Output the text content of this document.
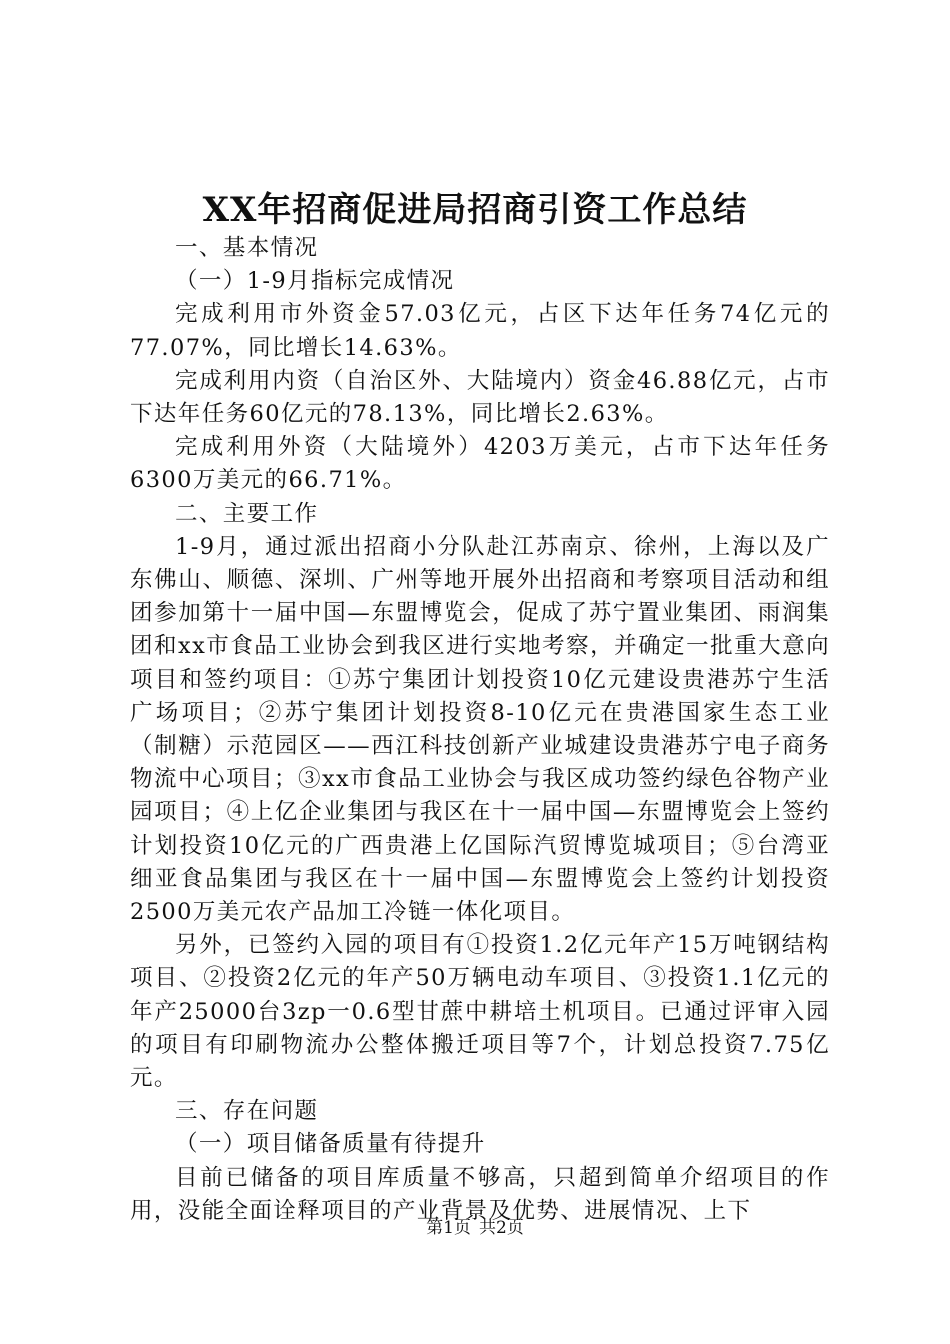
XX年招商促进局招商引资工作总结
一、基本情况
（一）1-9月指标完成情况

完成利用市外资金57.03亿元，占区下达年任务74亿元的77.07%，同比增长14.63%。

完成利用内资（自治区外、大陆境内）资金46.88亿元，占市下达年任务60亿元的78.13%，同比增长2.63%。

完成利用外资（大陆境外）4203万美元，占市下达年任务6300万美元的66.71%。

二、主要工作

1-9月，通过派出招商小分队赴江苏南京、徐州，上海以及广东佛山、顺德、深圳、广州等地开展外出招商和考察项目活动和组团参加第十一届中国—东盟博览会，促成了苏宁置业集团、雨润集团和xx市食品工业协会到我区进行实地考察，并确定一批重大意向项目和签约项目：①苏宁集团计划投资10亿元建设贵港苏宁生活广场项目；②苏宁集团计划投资8-10亿元在贵港国家生态工业（制糖）示范园区——西江科技创新产业城建设贵港苏宁电子商务物流中心项目；③xx市食品工业协会与我区成功签约绿色谷物产业园项目；④上亿企业集团与我区在十一届中国—东盟博览会上签约计划投资10亿元的广西贵港上亿国际汽贸博览城项目；⑤台湾亚细亚食品集团与我区在十一届中国—东盟博览会上签约计划投资2500万美元农产品加工冷链一体化项目。

另外，已签约入园的项目有①投资1.2亿元年产15万吨钢结构项目、②投资2亿元的年产50万辆电动车项目、③投资1.1亿元的年产25000台3zp一0.6型甘蔗中耕培土机项目。已通过评审入园的项目有印刷物流办公整体搬迁项目等7个，计划总投资7.75亿元。

三、存在问题
（一）项目储备质量有待提升

目前已储备的项目库质量不够高，只超到简单介绍项目的作用，没能全面诠释项目的产业背景及优势、进展情况、上下

第1页 共2页
